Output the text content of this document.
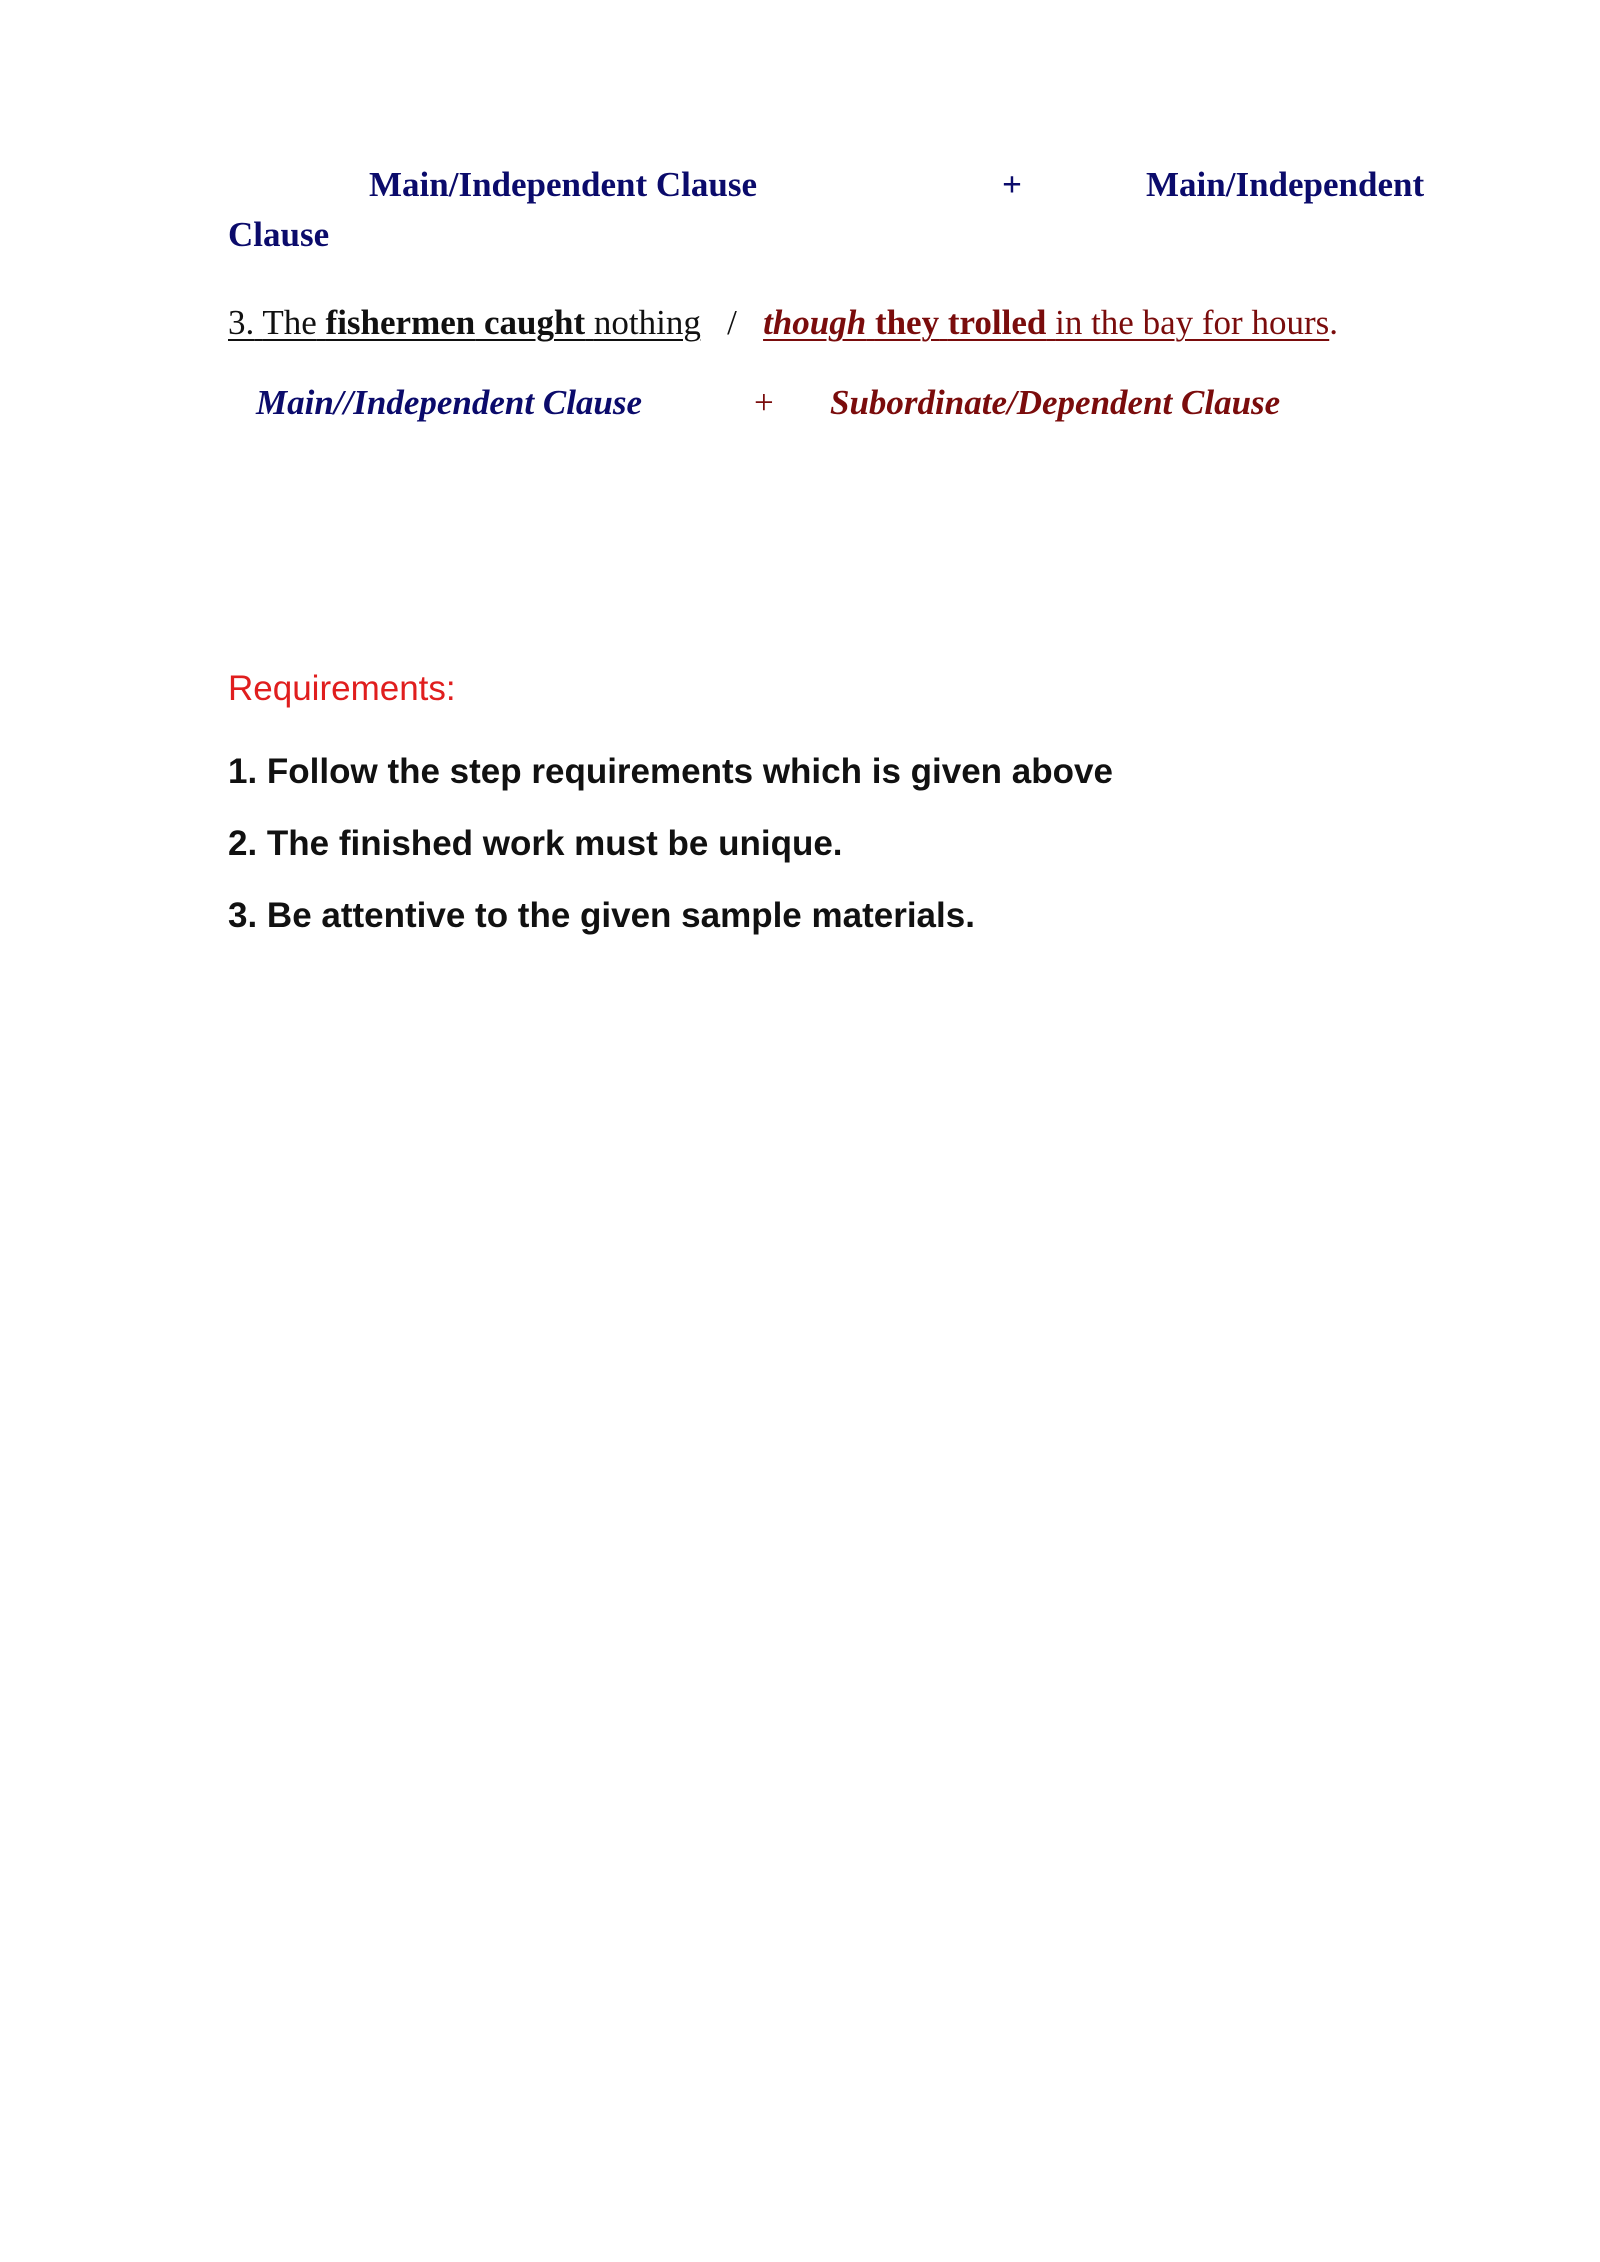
Main/Independent Clause	+	Main/Independent
Clause
3. The fishermen caught nothing / though they trolled in the bay for hours.
Main//Independent Clause	+ Subordinate/Dependent Clause
Requirements:
1. Follow the step requirements which is given above
2. The finished work must be unique.
3. Be attentive to the given sample materials.
